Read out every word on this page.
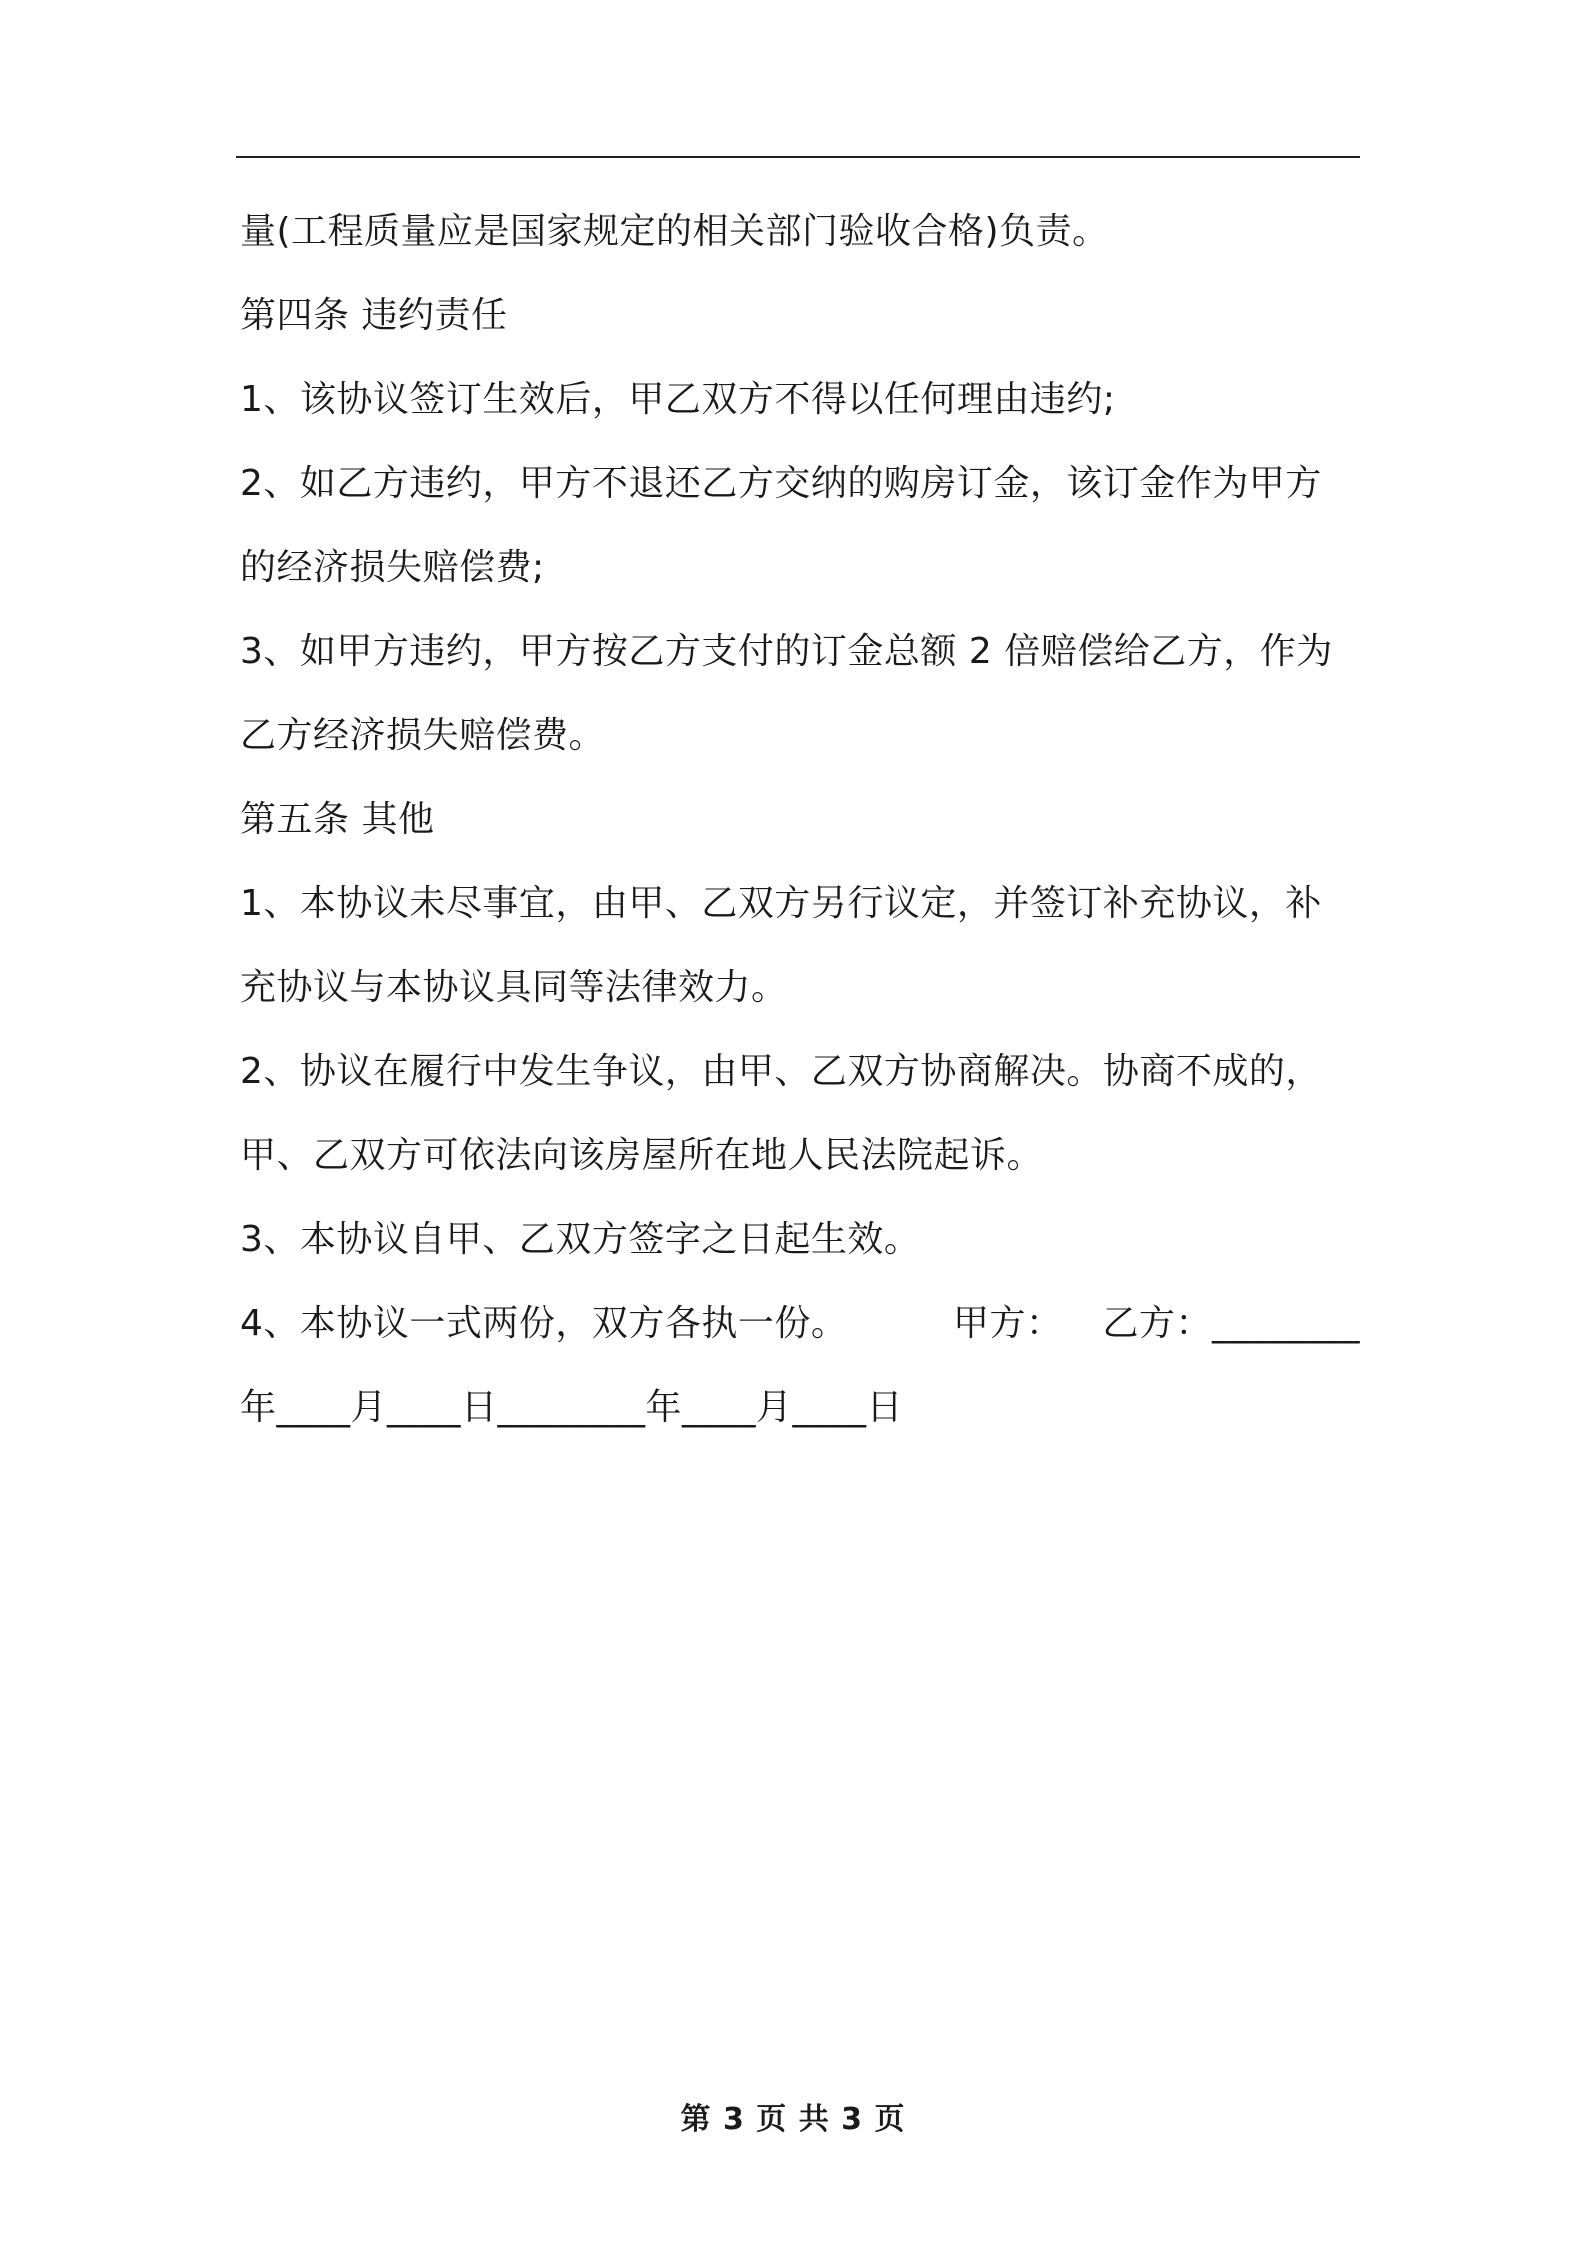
量(工程质量应是国家规定的相关部门验收合格)负责。
第四条 违约责任
1、该协议签订生效后，甲乙双方不得以任何理由违约;
2、如乙方违约，甲方不退还乙方交纳的购房订金，该订金作为甲方
的经济损失赔偿费;
3、如甲方违约，甲方按乙方支付的订金总额 2 倍赔偿给乙方，作为
乙方经济损失赔偿费。
第五条 其他
1、本协议未尽事宜，由甲、乙双方另行议定，并签订补充协议，补
充协议与本协议具同等法律效力。
2、协议在履行中发生争议，由甲、乙双方协商解决。协商不成的，
甲、乙双方可依法向该房屋所在地人民法院起诉。
3、本协议自甲、乙双方签字之日起生效。
4、本协议一式两份，双方各执一份。	甲方： 乙方：________
年____月____日________年____月____日
第 3 页 共 3 页
